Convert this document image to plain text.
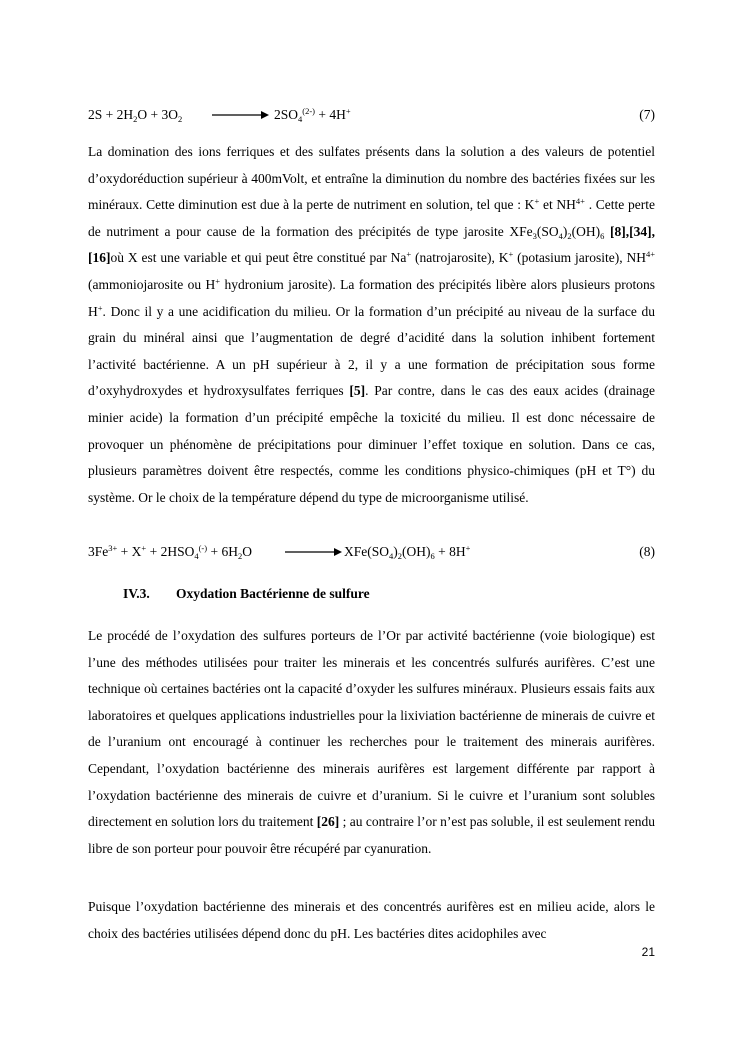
$2S + 2H_2O + 3O_2$	$2SO_4^{(2-)} + 4H^+$	(7)

La domination des ions ferriques et des sulfates présents dans la solution a des valeurs de potentiel d’oxydoréduction supérieur à 400mVolt, et entraîne la diminution du nombre des bactéries fixées sur les minéraux. Cette diminution est due à la perte de nutriment en solution, tel que : K+ et $NH^{4+}$ . Cette perte de nutriment a pour cause de la formation des précipités de type jarosite $XFe_3(SO_4)_2(OH)_6$ [8],[34],[16]où X est une variable et qui peut être constitué par Na+ (natrojarosite), K+ (potasium jarosite), $NH^{4+}$ (ammoniojarosite ou H+ hydronium jarosite). La formation des précipités libère alors plusieurs protons H+. Donc il y a une acidification du milieu. Or la formation d’un précipité au niveau de la surface du grain du minéral ainsi que l’augmentation de degré d’acidité dans la solution inhibent fortement l’activité bactérienne. A un pH supérieur à 2, il y a une formation de précipitation sous forme d’oxyhydroxydes et hydroxysulfates ferriques [5]. Par contre, dans le cas des eaux acides (drainage minier acide) la formation d’un précipité empêche la toxicité du milieu. Il est donc nécessaire de provoquer un phénomène de précipitations pour diminuer l’effet toxique en solution. Dans ce cas, plusieurs paramètres doivent être respectés, comme les conditions physico-chimiques (pH et T°) du système. Or le choix de la température dépend du type de microorganisme utilisé.

$3Fe^{3+} + X^+ + 2HSO_4^{(-)} + 6H_2O$	$XFe(SO_4)_2(OH)_6 + 8H^+$	(8)
IV.3. Oxydation Bactérienne de sulfure

Le procédé de l’oxydation des sulfures porteurs de l’Or par activité bactérienne (voie biologique) est l’une des méthodes utilisées pour traiter les minerais et les concentrés sulfurés aurifères. C’est une technique où certaines bactéries ont la capacité d’oxyder les sulfures minéraux. Plusieurs essais faits aux laboratoires et quelques applications industrielles pour la lixiviation bactérienne de minerais de cuivre et de l’uranium ont encouragé à continuer les recherches pour le traitement des minerais aurifères. Cependant, l’oxydation bactérienne des minerais aurifères est largement différente par rapport à l’oxydation bactérienne des minerais de cuivre et d’uranium. Si le cuivre et l’uranium sont solubles directement en solution lors du traitement [26] ; au contraire l’or n’est pas soluble, il est seulement rendu libre de son porteur pour pouvoir être récupéré par cyanuration.

Puisque l’oxydation bactérienne des minerais et des concentrés aurifères est en milieu acide, alors le choix des bactéries utilisées dépend donc du pH. Les bactéries dites acidophiles avec

21
